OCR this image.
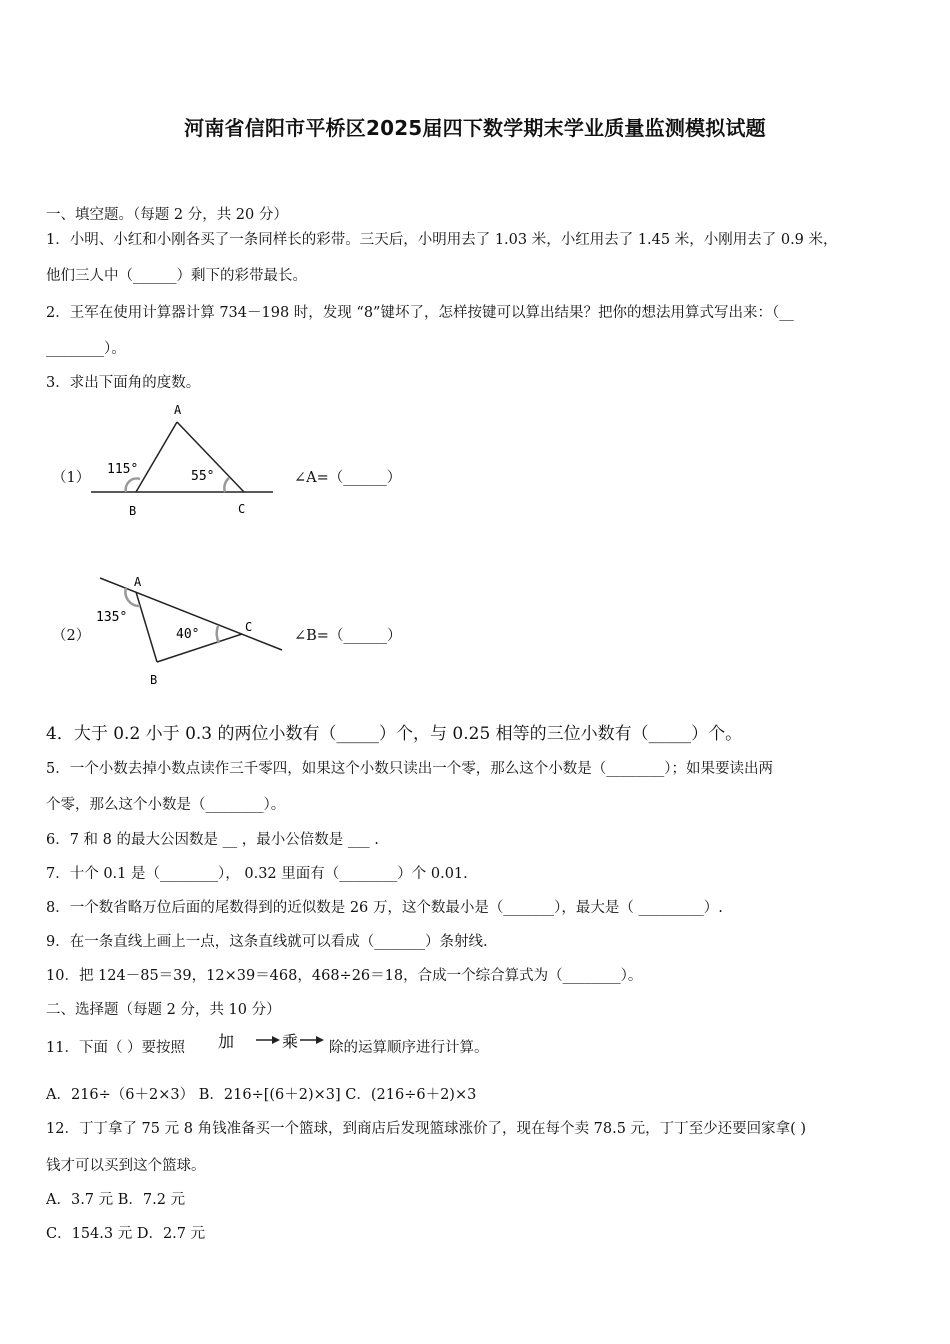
河南省信阳市平桥区2025届四下数学期末学业质量监测模拟试题
一、填空题。（每题 2 分，共 20 分）
1．小明、小红和小刚各买了一条同样长的彩带。三天后，小明用去了 1.03 米，小红用去了 1.45 米，小刚用去了 0.9 米，
他们三人中（______）剩下的彩带最长。
2．王军在使用计算器计算 734－198 时，发现 “8”键坏了，怎样按键可以算出结果？把你的想法用算式写出来：（__
________）。
3．求出下面角的度数。
（1）
A
B	C
115°	55°	∠A=（______）
（2）
A
B
C
135°
40°	∠B=（______）
4．大于 0.2 小于 0.3 的两位小数有（_____）个，与 0.25 相等的三位小数有（_____）个。
5．一个小数去掉小数点读作三千零四，如果这个小数只读出一个零，那么这个小数是（________）；如果要读出两
个零，那么这个小数是（________）。
6．7 和 8 的最大公因数是 __ ，最小公倍数是 ___ .
7．十个 0.1 是（________）， 0.32 里面有（________）个 0.01.
8．一个数省略万位后面的尾数得到的近似数是 26 万，这个数最小是（_______），最大是（ _________）.
9．在一条直线上画上一点，这条直线就可以看成（_______）条射线.
10．把 124－85＝39，12×39＝468，468÷26＝18，合成一个综合算式为（________）。
二、选择题（每题 2 分，共 10 分）
11．下面（ ）要按照 加	乘 除的运算顺序进行计算。
A．216÷（6＋2×3） B．216÷[(6＋2)×3] C．(216÷6＋2)×3
12．丁丁拿了 75 元 8 角钱准备买一个篮球，到商店后发现篮球涨价了，现在每个卖 78.5 元，丁丁至少还要回家拿( )
钱才可以买到这个篮球。
A．3.7 元 B．7.2 元
C．154.3 元 D．2.7 元
